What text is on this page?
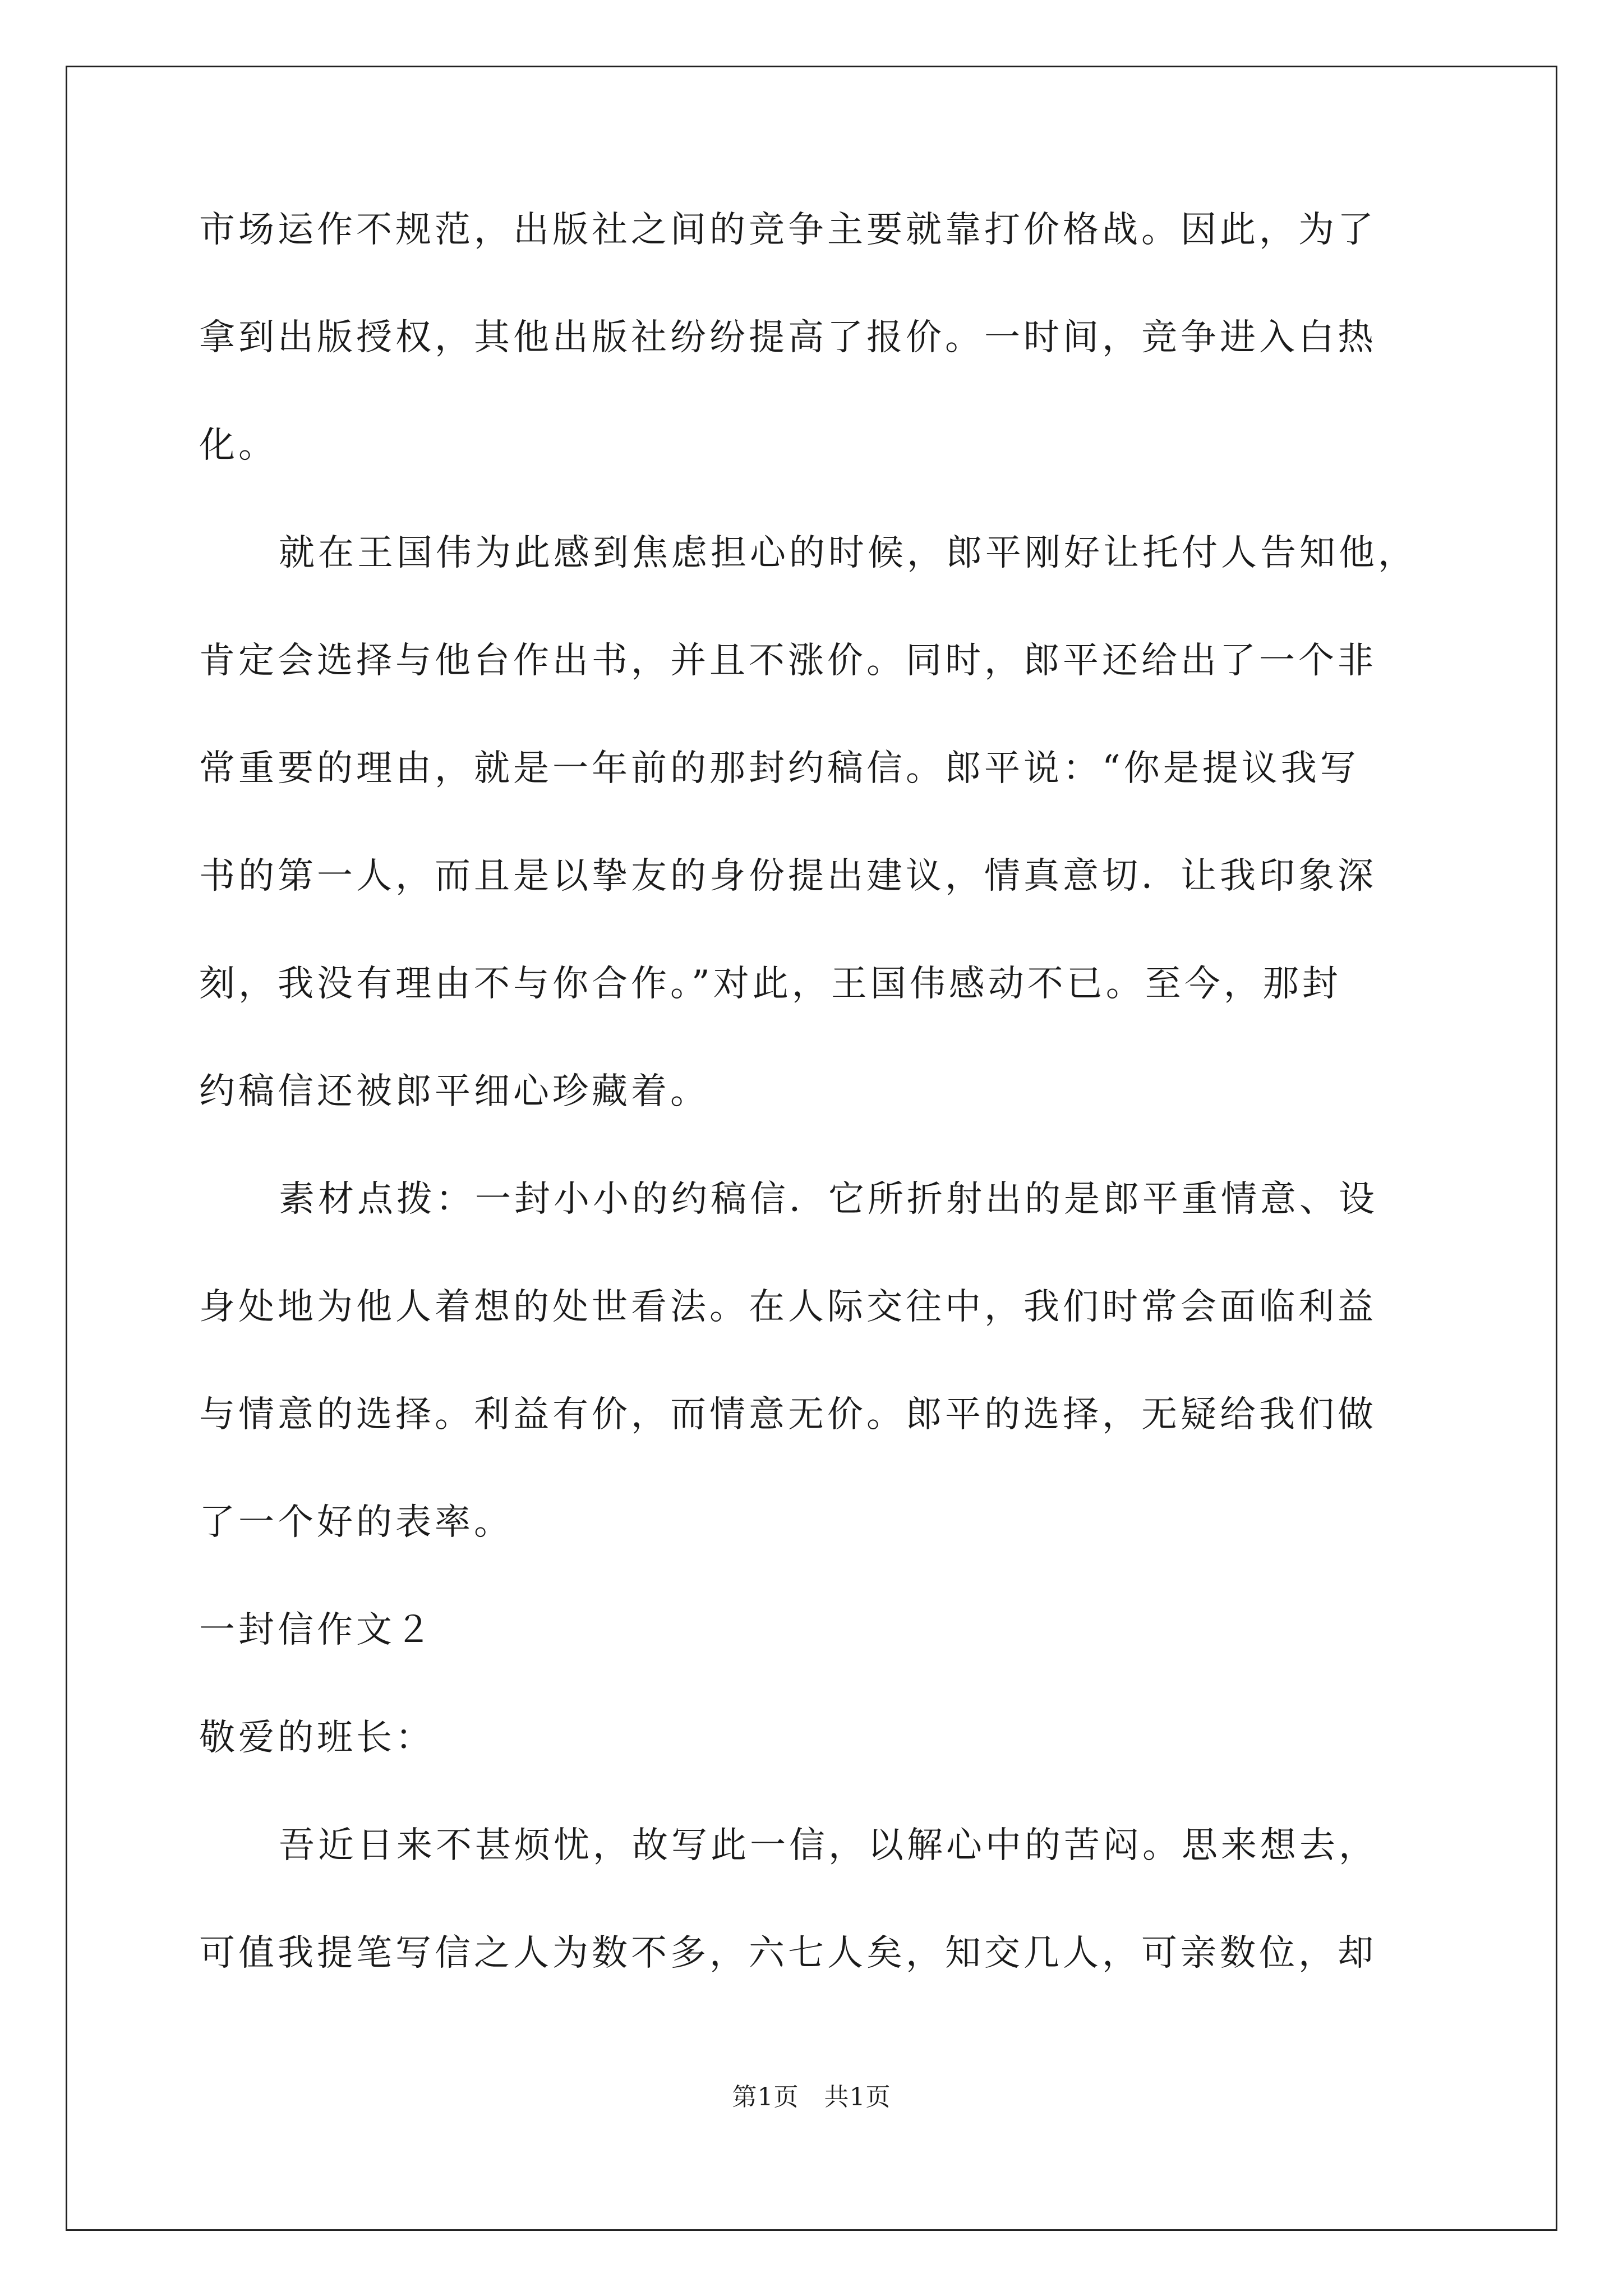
市场运作不规范，出版社之间的竞争主要就靠打价格战。因此，为了
拿到出版授权，其他出版社纷纷提高了报价。一时间，竞争进入白热
化。
就在王国伟为此感到焦虑担心的时候，郎平刚好让托付人告知他，
肯定会选择与他台作出书，并且不涨价。同时，郎平还给出了一个非
常重要的理由，就是一年前的那封约稿信。郎平说：“你是提议我写
书的第一人，而且是以挚友的身份提出建议，情真意切．让我印象深
刻，我没有理由不与你合作。”对此，王国伟感动不已。至今，那封
约稿信还被郎平细心珍藏着。
素材点拨：一封小小的约稿信．它所折射出的是郎平重情意、设
身处地为他人着想的处世看法。在人际交往中，我们时常会面临利益
与情意的选择。利益有价，而情意无价。郎平的选择，无疑给我们做
了一个好的表率。
一封信作文２
敬爱的班长：
吾近日来不甚烦忧，故写此一信，以解心中的苦闷。思来想去，
可值我提笔写信之人为数不多，六七人矣，知交几人，可亲数位，却
第1页　共1页
